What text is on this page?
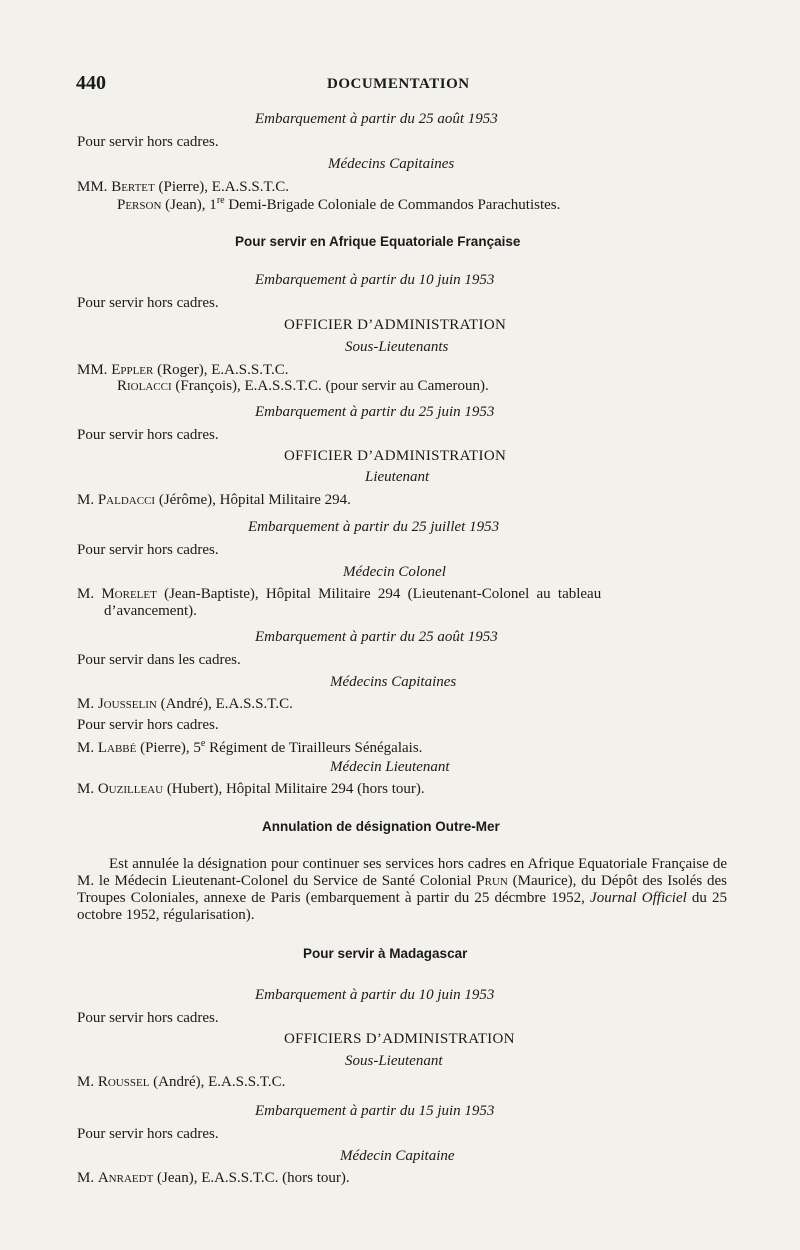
440	DOCUMENTATION
Embarquement à partir du 25 août 1953
Pour servir hors cadres.
Médecins Capitaines
MM. Bertet (Pierre), E.A.S.S.T.C.
Person (Jean), 1re Demi-Brigade Coloniale de Commandos Parachutistes.
Pour servir en Afrique Equatoriale Française
Embarquement à partir du 10 juin 1953
Pour servir hors cadres.
OFFICIER D’ADMINISTRATION
Sous-Lieutenants
MM. Eppler (Roger), E.A.S.S.T.C.
Riolacci (François), E.A.S.S.T.C. (pour servir au Cameroun).
Embarquement à partir du 25 juin 1953
Pour servir hors cadres.
OFFICIER D’ADMINISTRATION
Lieutenant
M. Paldacci (Jérôme), Hôpital Militaire 294.
Embarquement à partir du 25 juillet 1953
Pour servir hors cadres.
Médecin Colonel
M. Morelet (Jean-Baptiste), Hôpital Militaire 294 (Lieutenant-Colonel au tableau
d’avancement).
Embarquement à partir du 25 août 1953
Pour servir dans les cadres.
Médecins Capitaines
M. Jousselin (André), E.A.S.S.T.C.
Pour servir hors cadres.
M. Labbé (Pierre), 5e Régiment de Tirailleurs Sénégalais.
Médecin Lieutenant
M. Ouzilleau (Hubert), Hôpital Militaire 294 (hors tour).
Annulation de désignation Outre-Mer
Est annulée la désignation pour continuer ses services hors cadres en Afrique Equatoriale Française de M. le Médecin Lieutenant-Colonel du Service de Santé Colonial Prun (Maurice), du Dépôt des Isolés des Troupes Coloniales, annexe de Paris (embarquement à partir du 25 décmbre 1952, Journal Officiel du 25 octobre 1952, régularisation).
Pour servir à Madagascar
Embarquement à partir du 10 juin 1953
Pour servir hors cadres.
OFFICIERS D’ADMINISTRATION
Sous-Lieutenant
M. Roussel (André), E.A.S.S.T.C.
Embarquement à partir du 15 juin 1953
Pour servir hors cadres.
Médecin Capitaine
M. Anraedt (Jean), E.A.S.S.T.C. (hors tour).
